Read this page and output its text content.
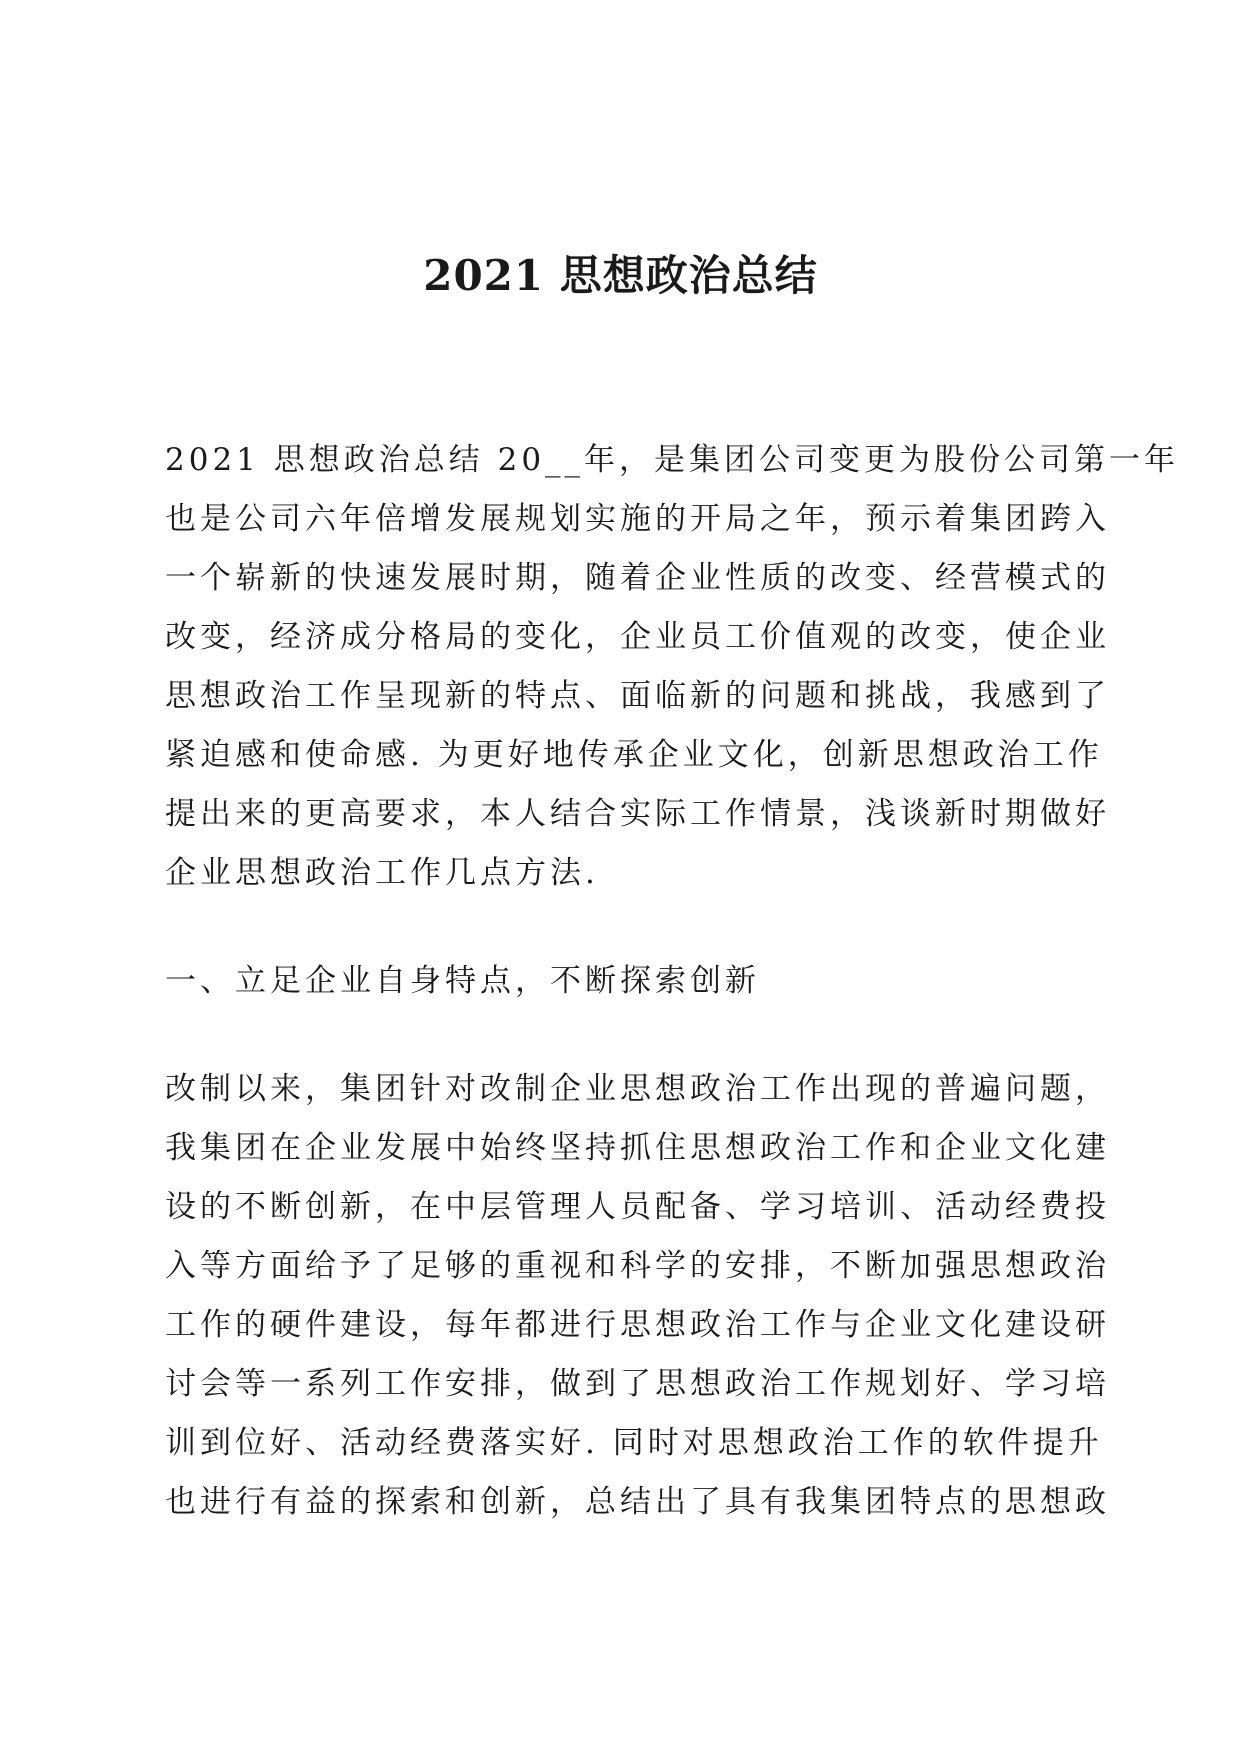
2021 思想政治总结

2021 思想政治总结 20__年，是集团公司变更为股份公司第一年

也是公司六年倍增发展规划实施的开局之年，预示着集团跨入

一个崭新的快速发展时期，随着企业性质的改变、经营模式的

改变，经济成分格局的变化，企业员工价值观的改变，使企业

思想政治工作呈现新的特点、面临新的问题和挑战，我感到了

紧迫感和使命感. 为更好地传承企业文化，创新思想政治工作

提出来的更高要求，本人结合实际工作情景，浅谈新时期做好

企业思想政治工作几点方法.

一、立足企业自身特点，不断探索创新

改制以来，集团针对改制企业思想政治工作出现的普遍问题，

我集团在企业发展中始终坚持抓住思想政治工作和企业文化建

设的不断创新，在中层管理人员配备、学习培训、活动经费投

入等方面给予了足够的重视和科学的安排，不断加强思想政治

工作的硬件建设，每年都进行思想政治工作与企业文化建设研

讨会等一系列工作安排，做到了思想政治工作规划好、学习培

训到位好、活动经费落实好. 同时对思想政治工作的软件提升

也进行有益的探索和创新，总结出了具有我集团特点的思想政
